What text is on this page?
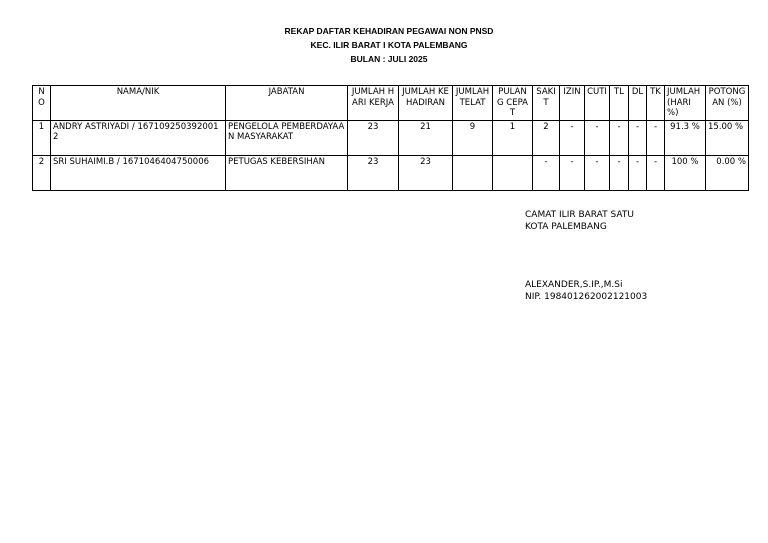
REKAP DAFTAR KEHADIRAN PEGAWAI NON PNSD
KEC. ILIR BARAT I KOTA PALEMBANG
BULAN : JULI 2025
NO	NAMA/NIK	JABATAN	JUMLAH HARI KERJA	JUMLAH KEHADIRAN	JUMLAH TELAT	PULANG CEPAT	SAKIT	IZIN	CUTI	TL	DL	TK	JUMLAH (HARI %)	POTONGAN (%)
1	ANDRY ASTRIYADI / 1671092503920012	PENGELOLA PEMBERDAYAAN MASYARAKAT	23	21	9	1	2	-	-	-	-	-	91.3 %	15.00 %
2	SRI SUHAIMI.B / 1671046404750006	PETUGAS KEBERSIHAN	23	23			-	-	-	-	-	-	100 %	0.00 %
CAMAT ILIR BARAT SATU
KOTA PALEMBANG
ALEXANDER,S.IP.,M.Si
NIP. 198401262002121003
